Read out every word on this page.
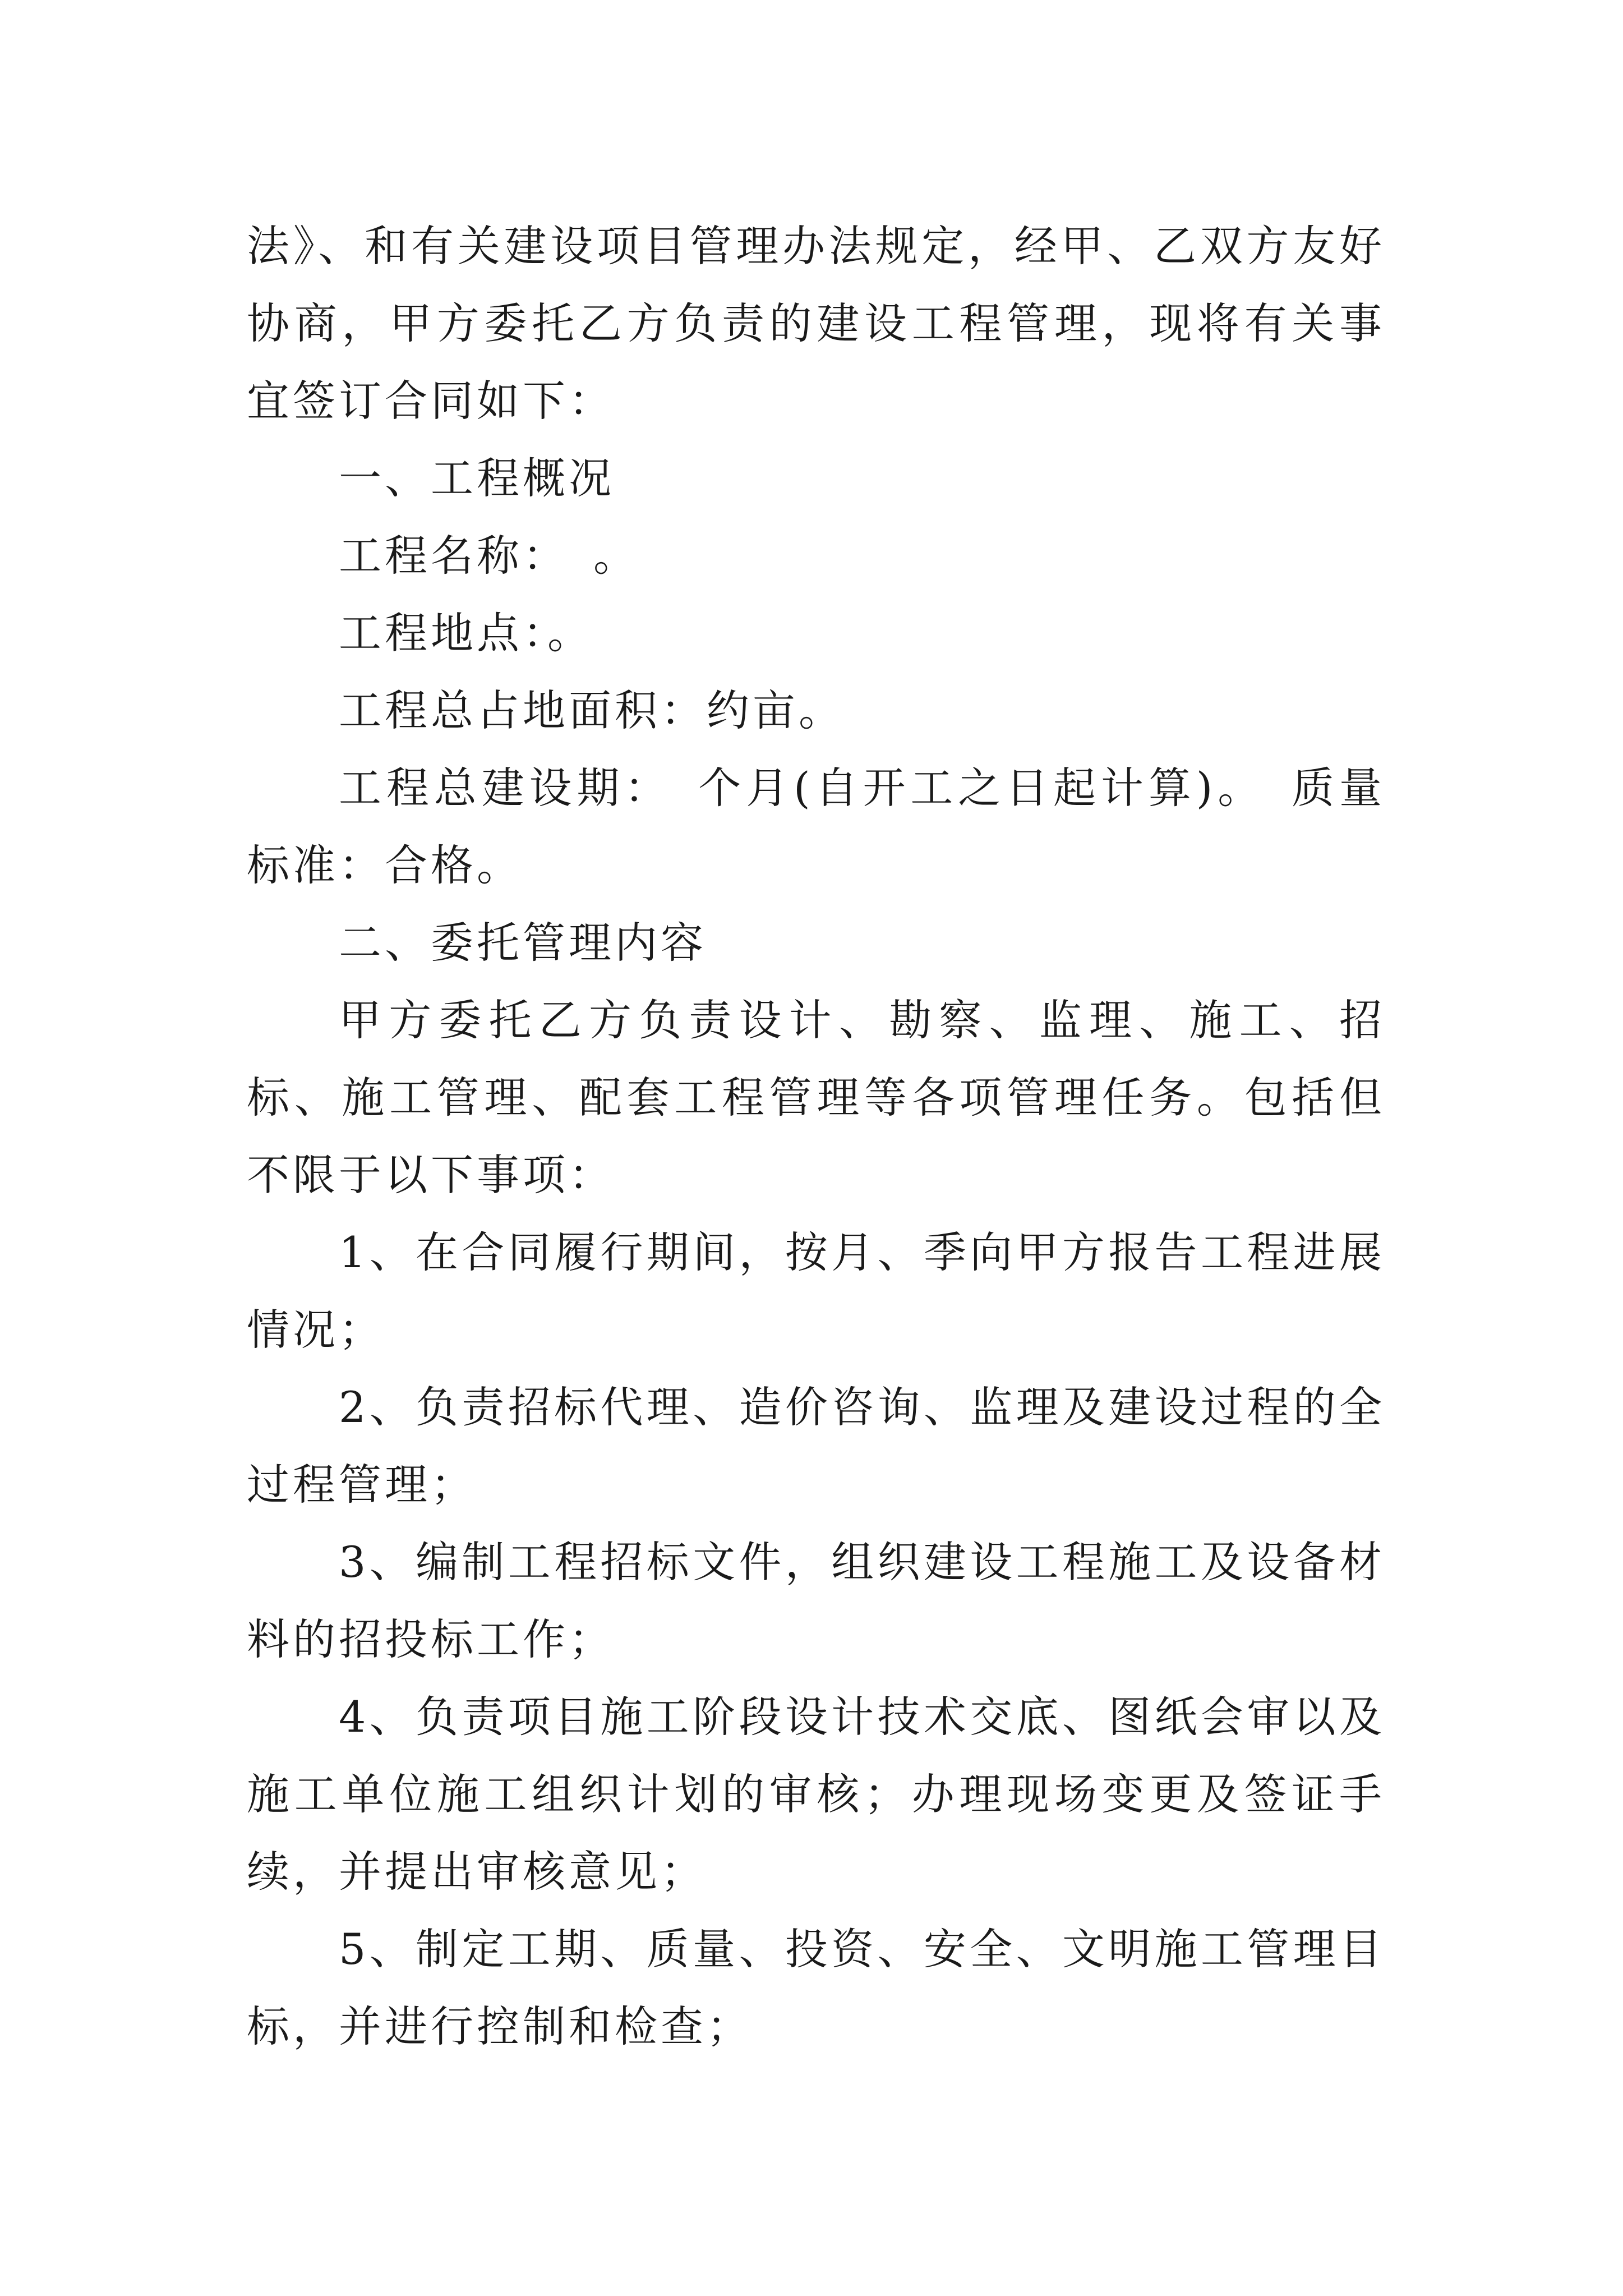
法》、和有关建设项目管理办法规定，经甲、乙双方友好协商，甲方委托乙方负责的建设工程管理，现将有关事宜签订合同如下：

一、工程概况

工程名称：　。

工程地点：。

工程总占地面积：约亩。

工程总建设期：　个月(自开工之日起计算)。　质量标准：合格。

二、委托管理内容

甲方委托乙方负责设计、勘察、监理、施工、招标、施工管理、配套工程管理等各项管理任务。包括但不限于以下事项：

1、在合同履行期间，按月、季向甲方报告工程进展情况；

2、负责招标代理、造价咨询、监理及建设过程的全过程管理；

3、编制工程招标文件，组织建设工程施工及设备材料的招投标工作；

4、负责项目施工阶段设计技术交底、图纸会审以及施工单位施工组织计划的审核；办理现场变更及签证手续，并提出审核意见；

5、制定工期、质量、投资、安全、文明施工管理目标，并进行控制和检查；
